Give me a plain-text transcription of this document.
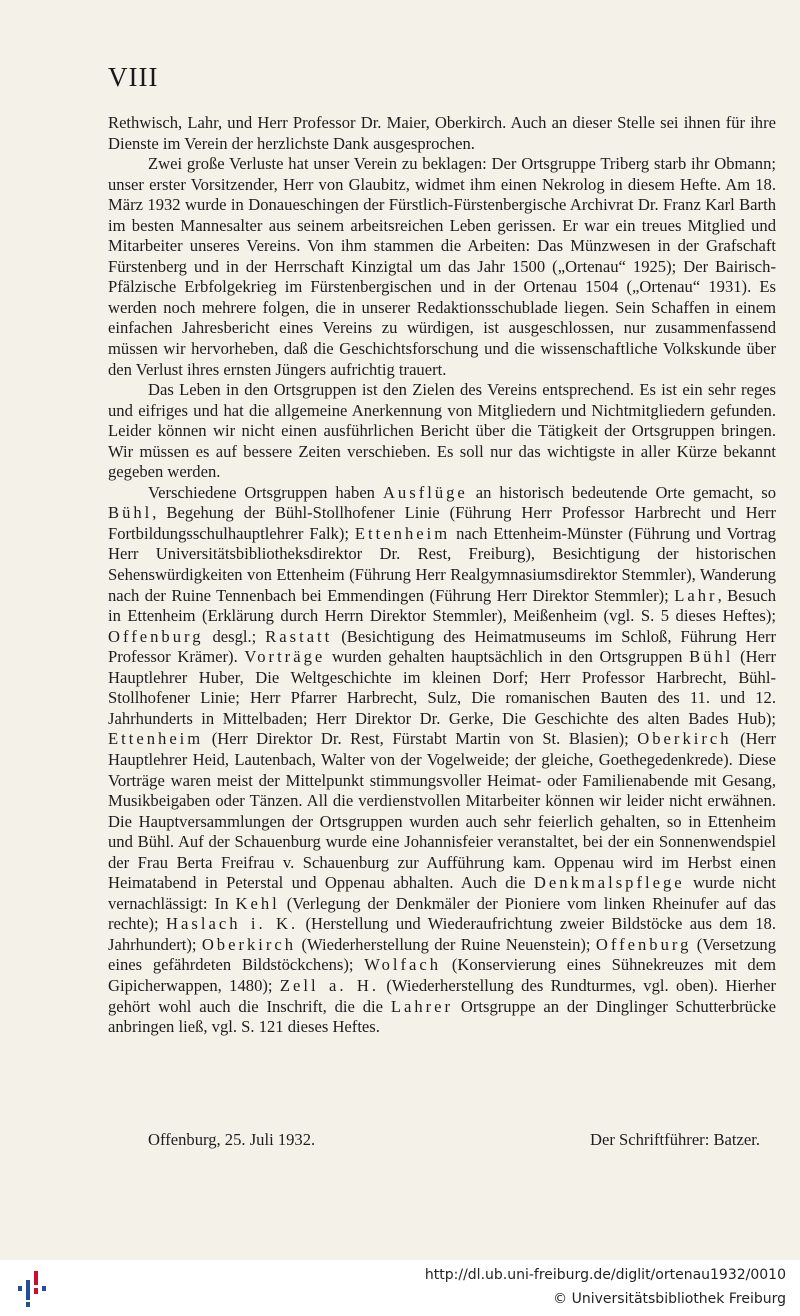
VIII

Rethwisch, Lahr, und Herr Professor Dr. Maier, Oberkirch. Auch an dieser Stelle sei ihnen für ihre Dienste im Verein der herzlichste Dank ausgesprochen.

Zwei große Verluste hat unser Verein zu beklagen: Der Ortsgruppe Triberg starb ihr Obmann; unser erster Vorsitzender, Herr von Glaubitz, widmet ihm einen Nekrolog in diesem Hefte. Am 18. März 1932 wurde in Donaueschingen der Fürstlich-Fürstenbergische Archivrat Dr. Franz Karl Barth im besten Mannesalter aus seinem arbeitsreichen Leben gerissen. Er war ein treues Mitglied und Mitarbeiter unseres Vereins. Von ihm stammen die Arbeiten: Das Münzwesen in der Grafschaft Fürstenberg und in der Herrschaft Kinzigtal um das Jahr 1500 („Ortenau“ 1925); Der Bairisch-Pfälzische Erbfolgekrieg im Fürstenbergischen und in der Ortenau 1504 („Ortenau“ 1931). Es werden noch mehrere folgen, die in unserer Redaktionsschublade liegen. Sein Schaffen in einem einfachen Jahresbericht eines Vereins zu würdigen, ist ausgeschlossen, nur zusammenfassend müssen wir hervorheben, daß die Geschichtsforschung und die wissenschaftliche Volkskunde über den Verlust ihres ernsten Jüngers aufrichtig trauert.

Das Leben in den Ortsgruppen ist den Zielen des Vereins entsprechend. Es ist ein sehr reges und eifriges und hat die allgemeine Anerkennung von Mitgliedern und Nichtmitgliedern gefunden. Leider können wir nicht einen ausführlichen Bericht über die Tätigkeit der Ortsgruppen bringen. Wir müssen es auf bessere Zeiten verschieben. Es soll nur das wichtigste in aller Kürze bekannt gegeben werden.

Verschiedene Ortsgruppen haben Ausflüge an historisch bedeutende Orte gemacht, so Bühl, Begehung der Bühl-Stollhofener Linie (Führung Herr Professor Harbrecht und Herr Fortbildungsschulhauptlehrer Falk); Ettenheim nach Ettenheim-Münster (Führung und Vortrag Herr Universitätsbibliotheksdirektor Dr. Rest, Freiburg), Besichtigung der historischen Sehenswürdigkeiten von Ettenheim (Führung Herr Realgymnasiumsdirektor Stemmler), Wanderung nach der Ruine Tennenbach bei Emmendingen (Führung Herr Direktor Stemmler); Lahr, Besuch in Ettenheim (Erklärung durch Herrn Direktor Stemmler), Meißenheim (vgl. S. 5 dieses Heftes); Offenburg desgl.; Rastatt (Besichtigung des Heimatmuseums im Schloß, Führung Herr Professor Krämer). Vorträge wurden gehalten hauptsächlich in den Ortsgruppen Bühl (Herr Hauptlehrer Huber, Die Weltgeschichte im kleinen Dorf; Herr Professor Harbrecht, Bühl-Stollhofener Linie; Herr Pfarrer Harbrecht, Sulz, Die romanischen Bauten des 11. und 12. Jahrhunderts in Mittelbaden; Herr Direktor Dr. Gerke, Die Geschichte des alten Bades Hub); Ettenheim (Herr Direktor Dr. Rest, Fürstabt Martin von St. Blasien); Oberkirch (Herr Hauptlehrer Heid, Lautenbach, Walter von der Vogelweide; der gleiche, Goethegedenkrede). Diese Vorträge waren meist der Mittelpunkt stimmungsvoller Heimat- oder Familienabende mit Gesang, Musikbeigaben oder Tänzen. All die verdienstvollen Mitarbeiter können wir leider nicht erwähnen. Die Hauptversammlungen der Ortsgruppen wurden auch sehr feierlich gehalten, so in Ettenheim und Bühl. Auf der Schauenburg wurde eine Johannisfeier veranstaltet, bei der ein Sonnenwendspiel der Frau Berta Freifrau v. Schauenburg zur Aufführung kam. Oppenau wird im Herbst einen Heimatabend in Peterstal und Oppenau abhalten. Auch die Denkmalspflege wurde nicht vernachlässigt: In Kehl (Verlegung der Denkmäler der Pioniere vom linken Rheinufer auf das rechte); Haslach i. K. (Herstellung und Wiederaufrichtung zweier Bildstöcke aus dem 18. Jahrhundert); Oberkirch (Wiederherstellung der Ruine Neuenstein); Offenburg (Versetzung eines gefährdeten Bildstöckchens); Wolfach (Konservierung eines Sühnekreuzes mit dem Gipicherwappen, 1480); Zell a. H. (Wiederherstellung des Rundturmes, vgl. oben). Hierher gehört wohl auch die Inschrift, die die Lahrer Ortsgruppe an der Dinglinger Schutterbrücke anbringen ließ, vgl. S. 121 dieses Heftes.

Offenburg, 25. Juli 1932.	Der Schriftführer: Batzer.
http://dl.ub.uni-freiburg.de/diglit/ortenau1932/0010
© Universitätsbibliothek Freiburg
